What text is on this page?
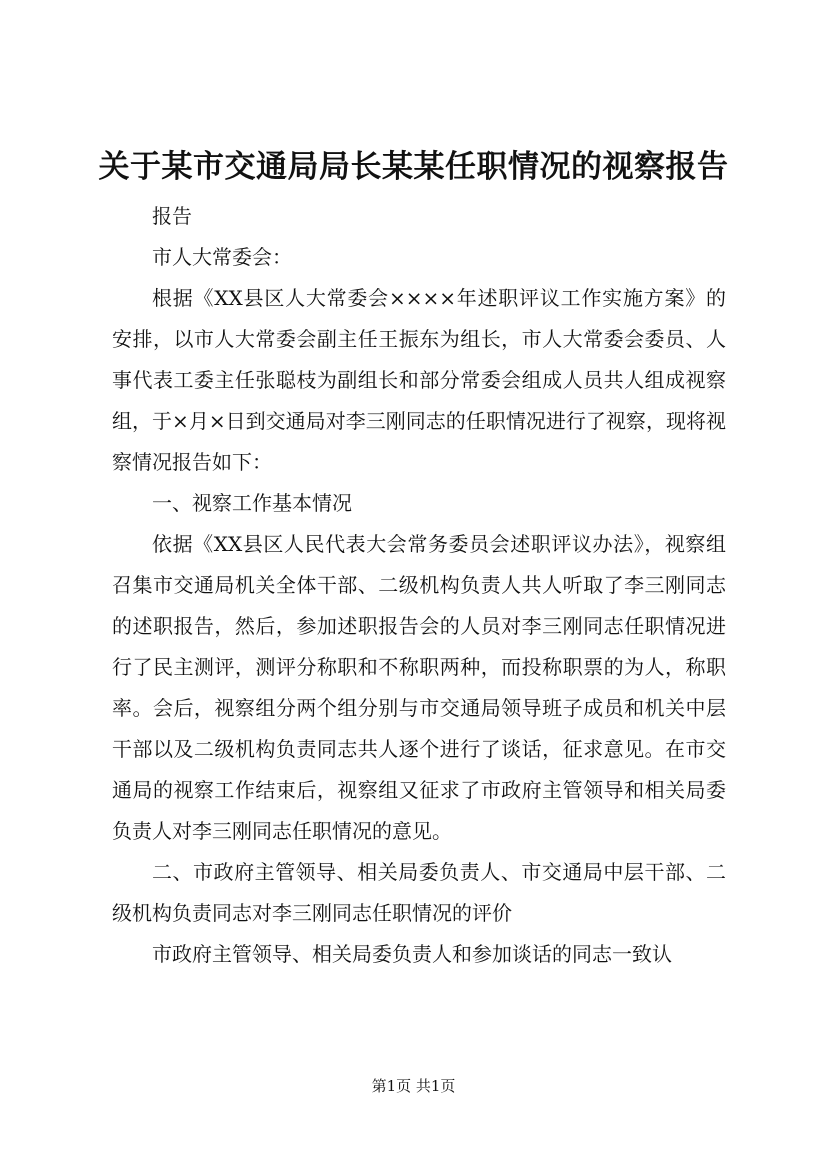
关于某市交通局局长某某任职情况的视察报告

报告

市人大常委会：

根据《XX县区人大常委会××××年述职评议工作实施方案》的安排，以市人大常委会副主任王振东为组长，市人大常委会委员、人事代表工委主任张聪枝为副组长和部分常委会组成人员共人组成视察组，于×月×日到交通局对李三刚同志的任职情况进行了视察，现将视察情况报告如下：

一、视察工作基本情况

依据《XX县区人民代表大会常务委员会述职评议办法》，视察组召集市交通局机关全体干部、二级机构负责人共人听取了李三刚同志的述职报告，然后，参加述职报告会的人员对李三刚同志任职情况进行了民主测评，测评分称职和不称职两种，而投称职票的为人，称职率。会后，视察组分两个组分别与市交通局领导班子成员和机关中层干部以及二级机构负责同志共人逐个进行了谈话，征求意见。在市交通局的视察工作结束后，视察组又征求了市政府主管领导和相关局委负责人对李三刚同志任职情况的意见。

二、市政府主管领导、相关局委负责人、市交通局中层干部、二级机构负责同志对李三刚同志任职情况的评价

市政府主管领导、相关局委负责人和参加谈话的同志一致认

第1页 共1页
